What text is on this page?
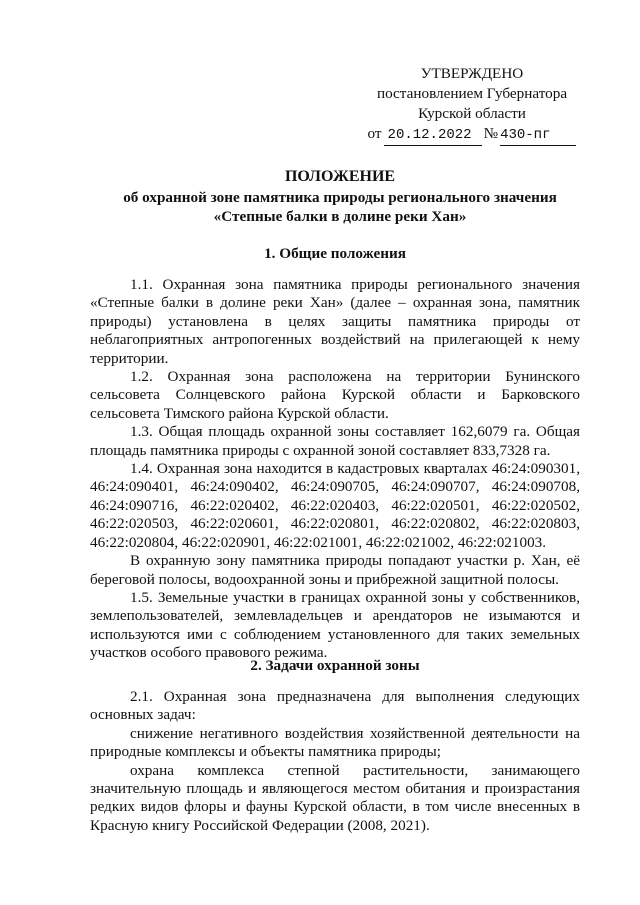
УТВЕРЖДЕНО
постановлением Губернатора
Курской области
от 20.12.2022 № 430-пг
ПОЛОЖЕНИЕ
об охранной зоне памятника природы регионального значения
«Степные балки в долине реки Хан»
1. Общие положения

1.1. Охранная зона памятника природы регионального значения «Степные балки в долине реки Хан» (далее – охранная зона, памятник природы) установлена в целях защиты памятника природы от неблагоприятных антропогенных воздействий на прилегающей к нему территории.

1.2. Охранная зона расположена на территории Бунинского сельсовета Солнцевского района Курской области и Барковского сельсовета Тимского района Курской области.

1.3. Общая площадь охранной зоны составляет 162,6079 га. Общая площадь памятника природы с охранной зоной составляет 833,7328 га.

1.4. Охранная зона находится в кадастровых кварталах 46:24:090301, 46:24:090401, 46:24:090402, 46:24:090705, 46:24:090707, 46:24:090708, 46:24:090716, 46:22:020402, 46:22:020403, 46:22:020501, 46:22:020502, 46:22:020503, 46:22:020601, 46:22:020801, 46:22:020802, 46:22:020803, 46:22:020804, 46:22:020901, 46:22:021001, 46:22:021002, 46:22:021003.

В охранную зону памятника природы попадают участки р. Хан, её береговой полосы, водоохранной зоны и прибрежной защитной полосы.

1.5. Земельные участки в границах охранной зоны у собственников, землепользователей, землевладельцев и арендаторов не изымаются и используются ими с соблюдением установленного для таких земельных участков особого правового режима.

2. Задачи охранной зоны

2.1. Охранная зона предназначена для выполнения следующих основных задач:

снижение негативного воздействия хозяйственной деятельности на природные комплексы и объекты памятника природы;

охрана комплекса степной растительности, занимающего значительную площадь и являющегося местом обитания и произрастания редких видов флоры и фауны Курской области, в том числе внесенных в Красную книгу Российской Федерации (2008, 2021).
